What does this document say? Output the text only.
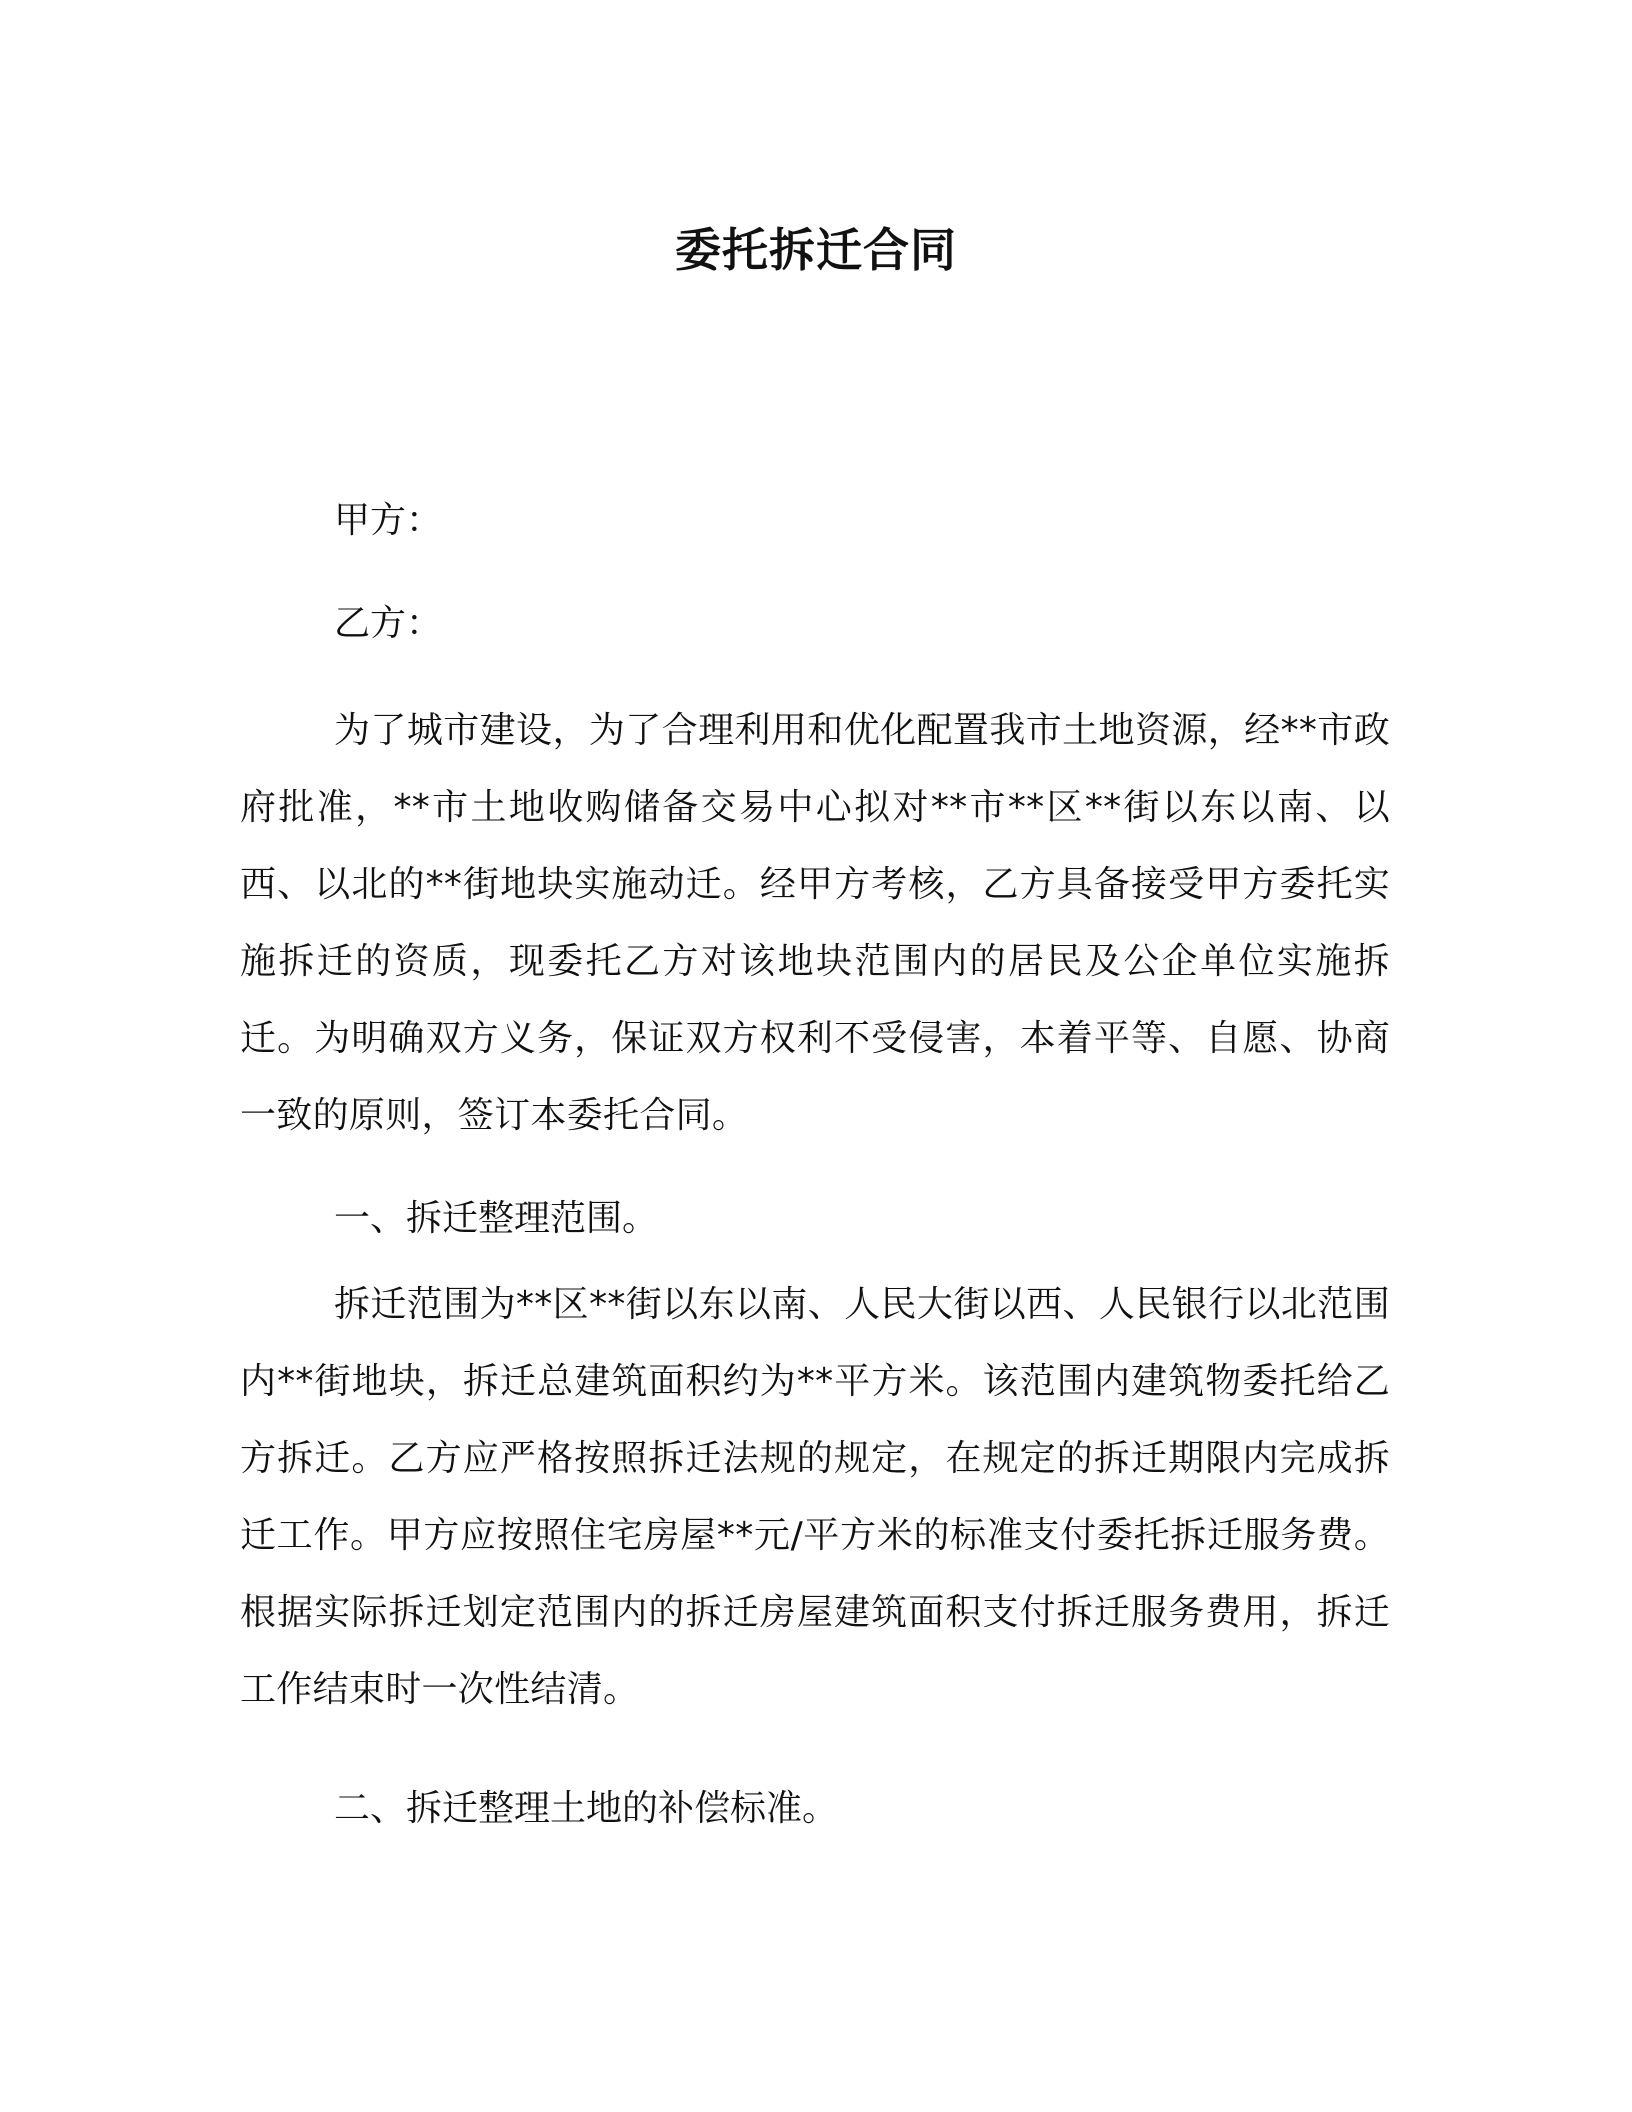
委托拆迁合同
甲方：
乙方：
为了城市建设，为了合理利用和优化配置我市土地资源，经**市政府批准，**市土地收购储备交易中心拟对**市**区**街以东以南、以西、以北的**街地块实施动迁。经甲方考核，乙方具备接受甲方委托实施拆迁的资质，现委托乙方对该地块范围内的居民及公企单位实施拆迁。为明确双方义务，保证双方权利不受侵害，本着平等、自愿、协商一致的原则，签订本委托合同。
一、拆迁整理范围。
拆迁范围为**区**街以东以南、人民大街以西、人民银行以北范围内**街地块，拆迁总建筑面积约为**平方米。该范围内建筑物委托给乙方拆迁。乙方应严格按照拆迁法规的规定，在规定的拆迁期限内完成拆迁工作。甲方应按照住宅房屋**元/平方米的标准支付委托拆迁服务费。根据实际拆迁划定范围内的拆迁房屋建筑面积支付拆迁服务费用，拆迁工作结束时一次性结清。
二、拆迁整理土地的补偿标准。
